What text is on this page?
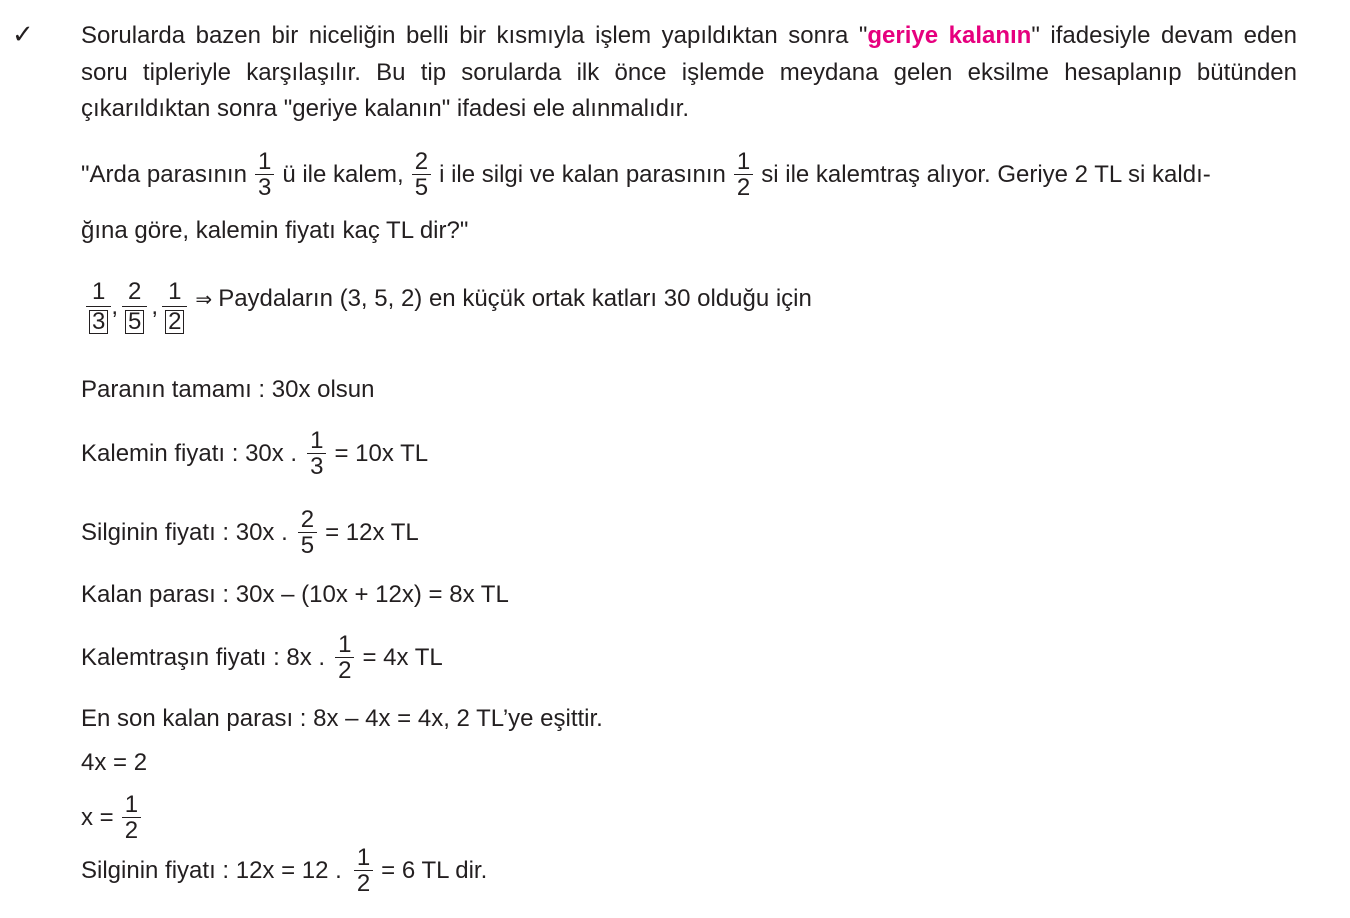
✓ Sorularda bazen bir niceliğin belli bir kısmıyla işlem yapıldıktan sonra "geriye kalanın" ifadesiyle devam eden
soru tipleriyle karşılaşılır. Bu tip sorularda ilk önce işlemde meydana gelen eksilme hesaplanıp bütünden
çıkarıldıktan sonra "geriye kalanın" ifadesi ele alınmalıdır.
"Arda parasının $\frac{1}{3}$ ü ile kalem, $\frac{2}{5}$ i ile silgi ve kalan parasının $\frac{1}{2}$ si ile kalemtraş alıyor. Geriye 2 TL si kaldı-
ğına göre, kalemin fiyatı kaç TL dir?"
$\frac{1}{3}$ , $\frac{2}{5}$ , $\frac{1}{2}$ ⇒ Paydaların (3, 5, 2) en küçük ortak katları 30 olduğu için
Paranın tamamı : 30x olsun
Kalemin fiyatı : 30x . $\frac{1}{3} = 10x$ TL
Silginin fiyatı : 30x . $\frac{2}{5} = 12x$ TL
Kalan parası : 30x – (10x + 12x) = 8x TL
Kalemtraşın fiyatı : 8x . $\frac{1}{2} = 4x$ TL
En son kalan parası : 8x – 4x = 4x, 2 TL’ye eşittir.
4x = 2
$x = \frac{1}{2}$
Silginin fiyatı : 12x = 12 . $\frac{1}{2} = 6$ TL dir.
